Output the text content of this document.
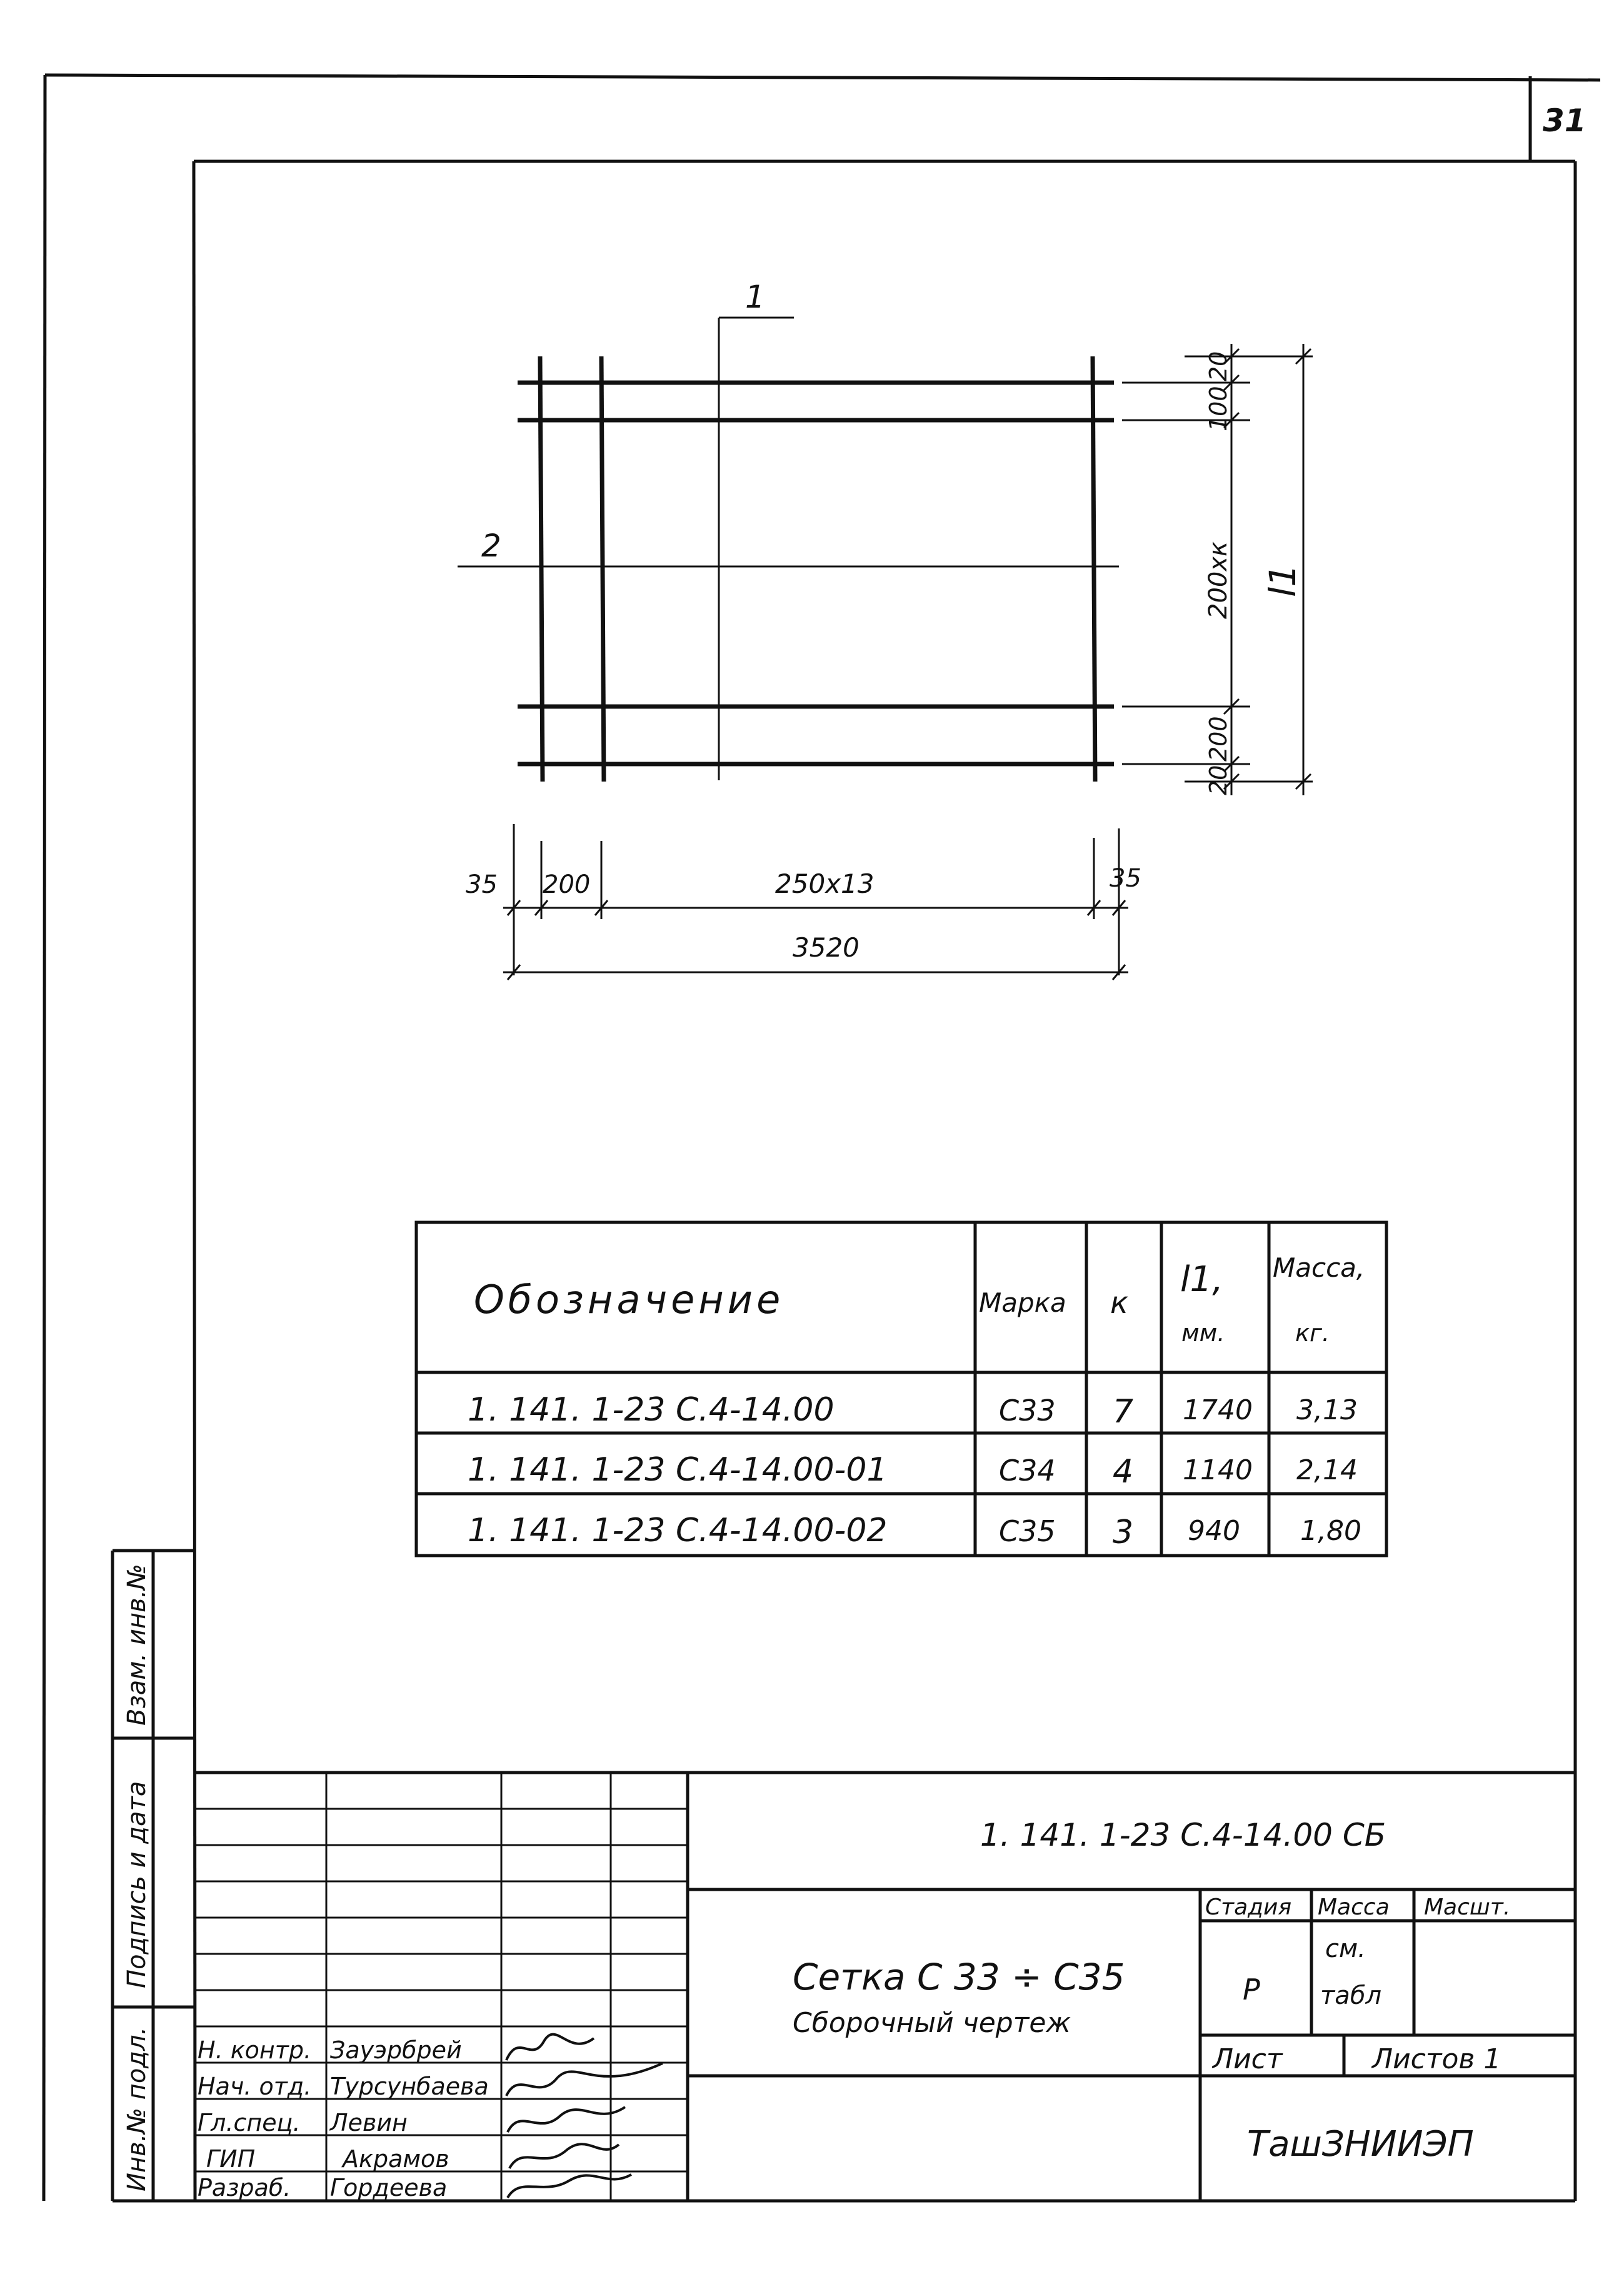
31
1
2
35 200	250х13	35
3520
20
100
200хк
200
20
l1
Обозначение	Марка к
l1,
мм.
Масса,
кг.
1. 141. 1-23 С.4-14.00	С33 7 1740 3,13
1. 141. 1-23 С.4-14.00-01	С34 4 1140 2,14
1. 141. 1-23 С.4-14.00-02	С35 3 940 1,80
Взам. инв.№
Подпись и дата
Инв.№ подл.
1. 141. 1-23 С.4-14.00 СБ
Сетка С 33 ÷ С35
Сборочный чертеж
Стадия Масса Масшт.
Р
см.
табл
Лист	Листов 1
ТашЗНИИЭП
Н. контр. Зауэрбрей
Нач. отд. Турсунбаева
Гл.спец. Левин
ГИП	Акрамов
Разраб. Гордеева
